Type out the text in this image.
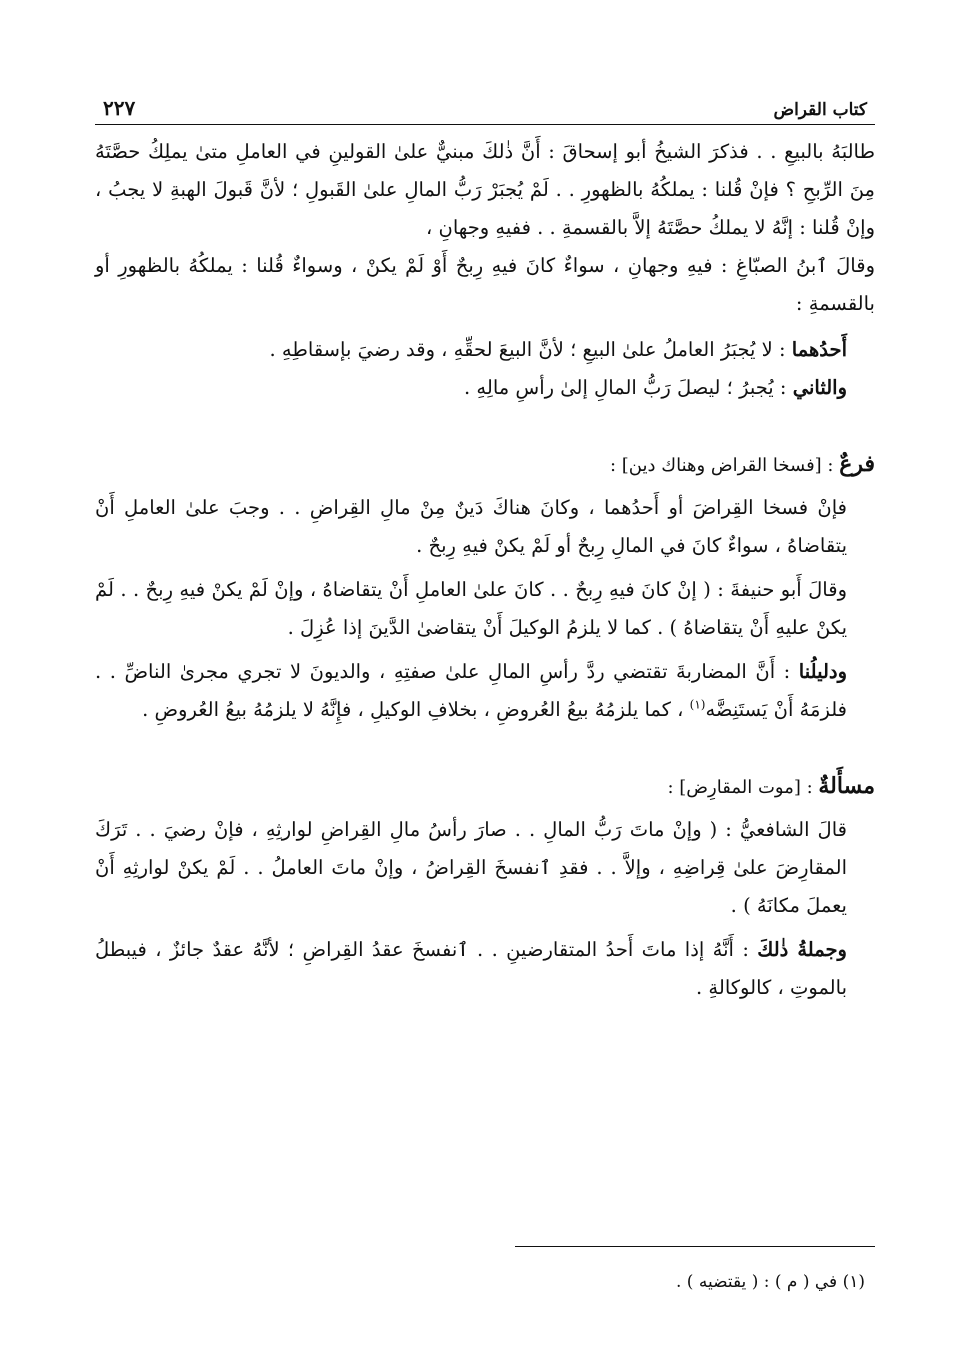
كتاب القراض
٢٢٧

طالبَهُ بالبيعِ . . فذكرَ الشيخُ أبو إسحاقَ : أَنَّ ذٰلكَ مبنيٌّ علىٰ القولينِ في العاملِ متىٰ يملِكُ حصَّتَهُ مِنَ الرِّبحِ ؟ فإنْ قُلنا : يملكُهُ بالظهورِ . . لَمْ يُجبَرْ رَبُّ المالِ علىٰ القَبولِ ؛ لأنَّ قَبولَ الهبةِ لا يجبُ ، وإنْ قُلنا : إنَّهُ لا يملكُ حصَّتَهُ إلاَّ بالقسمةِ . . ففيهِ وجهانِ ،

وقالَ ٱبنُ الصبّاغِ : فيهِ وجهانِ ، سواءٌ كانَ فيهِ رِبحٌ أَوْ لَمْ يكنْ ، وسواءٌ قُلنا : يملكُهُ بالظهورِ أو بالقسمةِ :

أَحدُهما : لا يُجبَرُ العاملُ علىٰ البيعِ ؛ لأنَّ البيعَ لحقِّهِ ، وقد رضيَ بإسقاطِهِ .

والثاني : يُجبرُ ؛ ليصلَ رَبُّ المالِ إلىٰ رأسِ مالِهِ .

فرعٌ : [فسخا القراض وهناك دين] :

فإنْ فسخا القِراضَ أو أَحدُهما ، وكانَ هناكَ دَينٌ مِنْ مالِ القِراضِ . . وجبَ علىٰ العاملِ أَنْ يتقاضاهُ ، سواءٌ كانَ في المالِ رِبحٌ أو لَمْ يكنْ فيهِ رِبحٌ .

وقالَ أَبو حنيفةَ : ( إنْ كانَ فيهِ رِبحٌ . . كانَ علىٰ العاملِ أَنْ يتقاضاهُ ، وإنْ لَمْ يكنْ فيهِ رِبحٌ . . لَمْ يكنْ عليهِ أَنْ يتقاضاهُ ) . كما لا يلزمُ الوكيلَ أَنْ يتقاضىٰ الدَّينَ إذا عُزِلَ .

ودليلُنا : أَنَّ المضاربةَ تقتضي ردَّ رأسِ المالِ علىٰ صفتِهِ ، والديونَ لا تجري مجرىٰ الناضِّ . . فلزمَهُ أَنْ يَستَنِضَّه$^{(١)}$ ، كما يلزمُهُ بيعُ العُروضِ ، بخلافِ الوكيلِ ، فإِنَّهُ لا يلزمُهُ بيعُ العُروضِ .

مسأَلةٌ : [موت المقارِض] :

قالَ الشافعيُّ : ( وإنْ ماتَ رَبُّ المالِ . . صارَ رأسُ مالِ القِراضِ لوارثِهِ ، فإنْ رضيَ . . تَرَكَ المقارِضَ علىٰ قِراضِهِ ، وإلاَّ . . فقدِ ٱنفسخَ القِراضُ ، وإنْ ماتَ العاملُ . . لَمْ يكنْ لوارثِهِ أَنْ يعملَ مكانَهُ ) .

وجملةُ ذٰلكَ : أَنَّهُ إذا ماتَ أَحدُ المتقارضينِ . . ٱنفسخَ عقدُ القِراضِ ؛ لأنَّهُ عقدٌ جائزٌ ، فيبطلُ بالموتِ ، كالوكالةِ .

(١) في ( م ) : ( يقتضيه ) .
